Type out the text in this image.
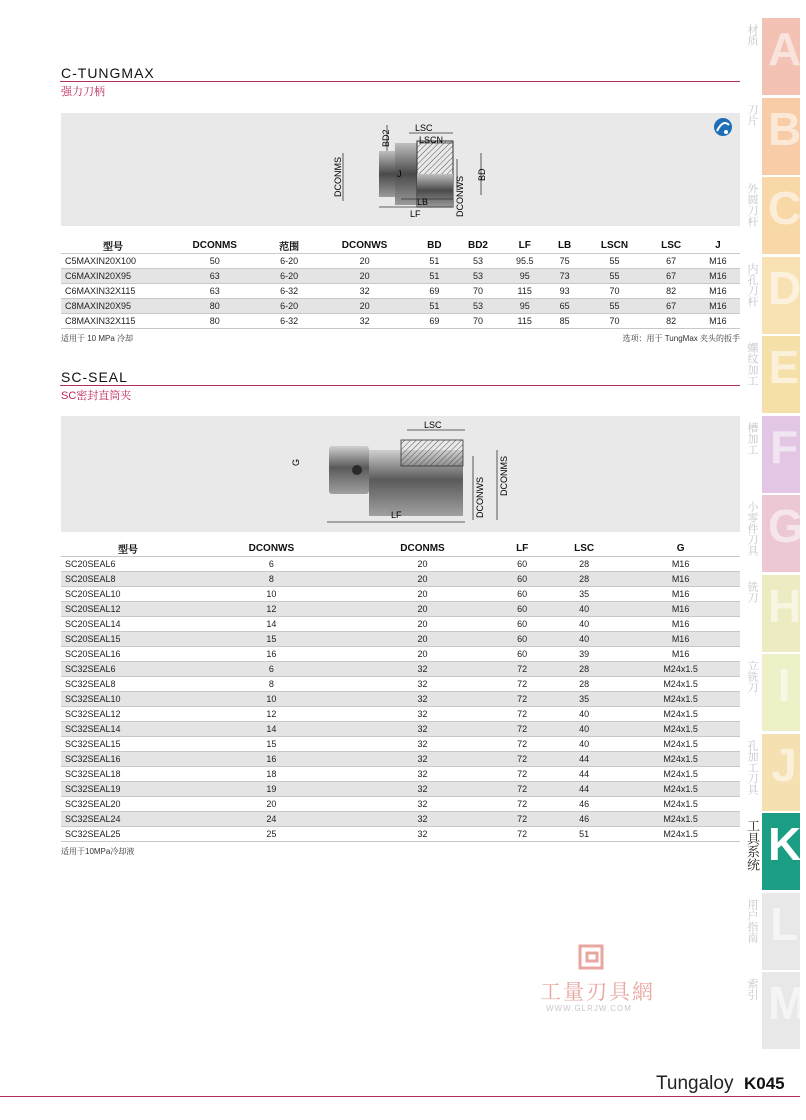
C-TUNGMAX
强力刀柄
LSC
LSCN
LB
LF
J
BD2
DCONMS	DCONWS
BD
型号	DCONMS	范围	DCONWS	BD	BD2	LF	LB	LSCN	LSC	J
C5MAXIN20X100	50	6-20	20	51	53	95.5	75	55	67	M16
C6MAXIN20X95	63	6-20	20	51	53	95	73	55	67	M16
C6MAXIN32X115	63	6-32	32	69	70	115	93	70	82	M16
C8MAXIN20X95	80	6-20	20	51	53	95	65	55	67	M16
C8MAXIN32X115	80	6-32	32	69	70	115	85	70	82	M16
适用于 10 MPa 冷却	选项：用于 TungMax 夹头的扳手
SC-SEAL
SC密封直筒夹
LSC
LF
G
DCONWS
DCONMS
型号	DCONWS	DCONMS	LF	LSC	G
SC20SEAL6	6	20	60	28	M16
SC20SEAL8	8	20	60	28	M16
SC20SEAL10	10	20	60	35	M16
SC20SEAL12	12	20	60	40	M16
SC20SEAL14	14	20	60	40	M16
SC20SEAL15	15	20	60	40	M16
SC20SEAL16	16	20	60	39	M16
SC32SEAL6	6	32	72	28	M24x1.5
SC32SEAL8	8	32	72	28	M24x1.5
SC32SEAL10	10	32	72	35	M24x1.5
SC32SEAL12	12	32	72	40	M24x1.5
SC32SEAL14	14	32	72	40	M24x1.5
SC32SEAL15	15	32	72	40	M24x1.5
SC32SEAL16	16	32	72	44	M24x1.5
SC32SEAL18	18	32	72	44	M24x1.5
SC32SEAL19	19	32	72	44	M24x1.5
SC32SEAL20	20	32	72	46	M24x1.5
SC32SEAL24	24	32	72	46	M24x1.5
SC32SEAL25	25	32	72	51	M24x1.5
适用于10MPa冷却液
A
材质
B
刀片
C
外圆刀杆
D
内孔刀杆
E
螺纹加工
F
槽加工
G
小零件刀具
H
铣刀
I
立铣刀
J
孔加工刀具
K
工具系统
L
用户指南
M
索引
工量刃具網
WWW.GLRJW.COM
Tungaloy K045
